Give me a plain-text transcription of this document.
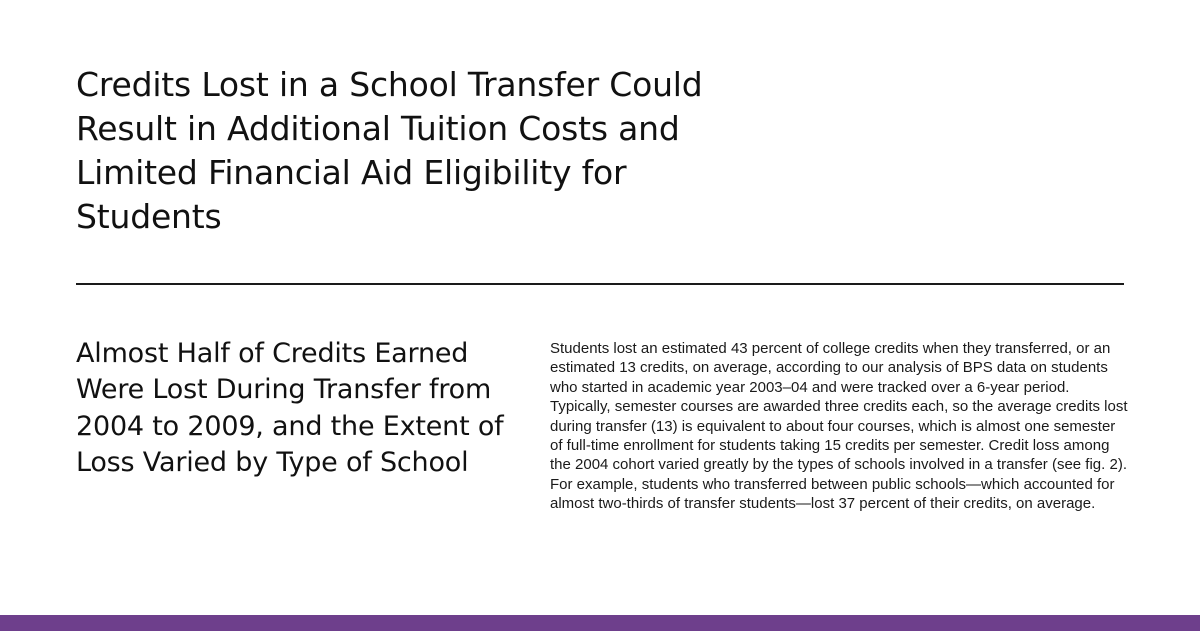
Credits Lost in a School Transfer Could Result in Additional Tuition Costs and Limited Financial Aid Eligibility for Students
Almost Half of Credits Earned Were Lost During Transfer from 2004 to 2009, and the Extent of Loss Varied by Type of School

Students lost an estimated 43 percent of college credits when they transferred, or an estimated 13 credits, on average, according to our analysis of BPS data on students who started in academic year 2003–04 and were tracked over a 6-year period. Typically, semester courses are awarded three credits each, so the average credits lost during transfer (13) is equivalent to about four courses, which is almost one semester of full-time enrollment for students taking 15 credits per semester. Credit loss among the 2004 cohort varied greatly by the types of schools involved in a transfer (see fig. 2). For example, students who transferred between public schools—which accounted for almost two-thirds of transfer students—lost 37 percent of their credits, on average.
